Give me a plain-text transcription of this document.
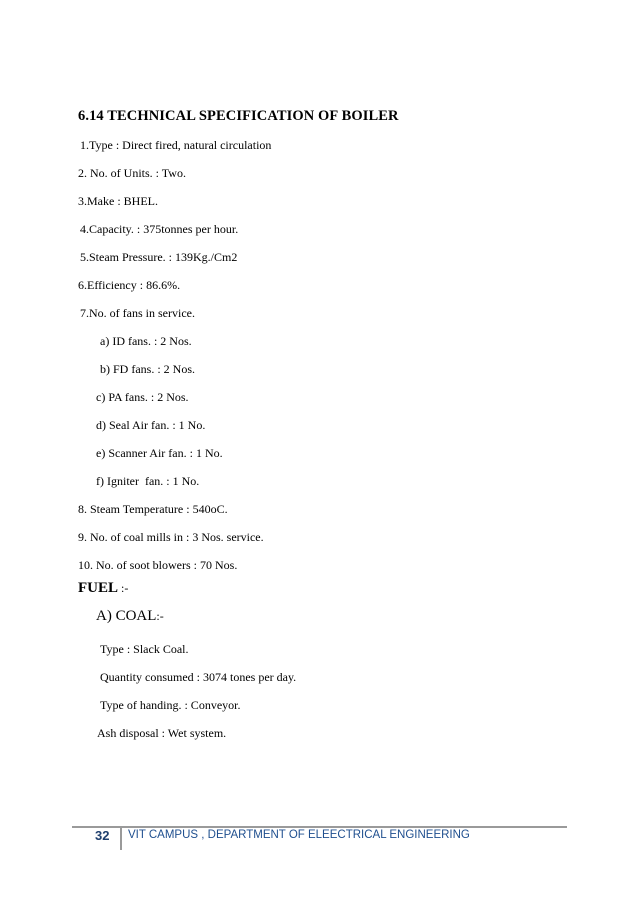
6.14 TECHNICAL SPECIFICATION OF BOILER
1.Type : Direct fired, natural circulation
2. No. of Units. : Two.
3.Make : BHEL.
4.Capacity. : 375tonnes per hour.
5.Steam Pressure. : 139Kg./Cm2
6.Efficiency : 86.6%.
7.No. of fans in service.
a) ID fans. : 2 Nos.
b) FD fans. : 2 Nos.
c) PA fans. : 2 Nos.
d) Seal Air fan. : 1 No.
e) Scanner Air fan. : 1 No.
f) Igniter  fan. : 1 No.
8. Steam Temperature : 540oC.
9. No. of coal mills in : 3 Nos. service.
10. No. of soot blowers : 70 Nos.
FUEL :-
A) COAL:-
Type : Slack Coal.
Quantity consumed : 3074 tones per day.
Type of handing. : Conveyor.
Ash disposal : Wet system.
32 VIT CAMPUS , DEPARTMENT OF ELEECTRICAL ENGINEERING
